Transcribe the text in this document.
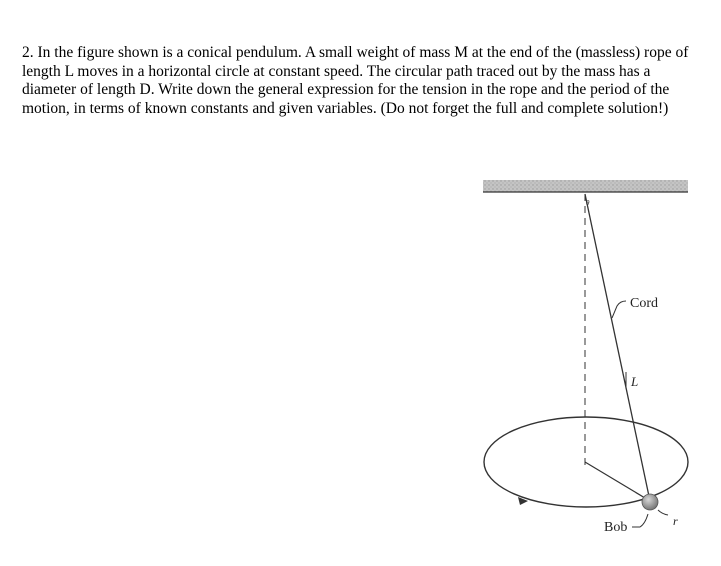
2. In the figure shown is a conical pendulum. A small weight of mass M at the end of the (massless) rope of length L moves in a horizontal circle at constant speed. The circular path traced out by the mass has a diameter of length D. Write down the general expression for the tension in the rope and the period of the motion, in terms of known constants and given variables. (Do not forget the full and complete solution!)

θ
Cord
L
Bob	r
